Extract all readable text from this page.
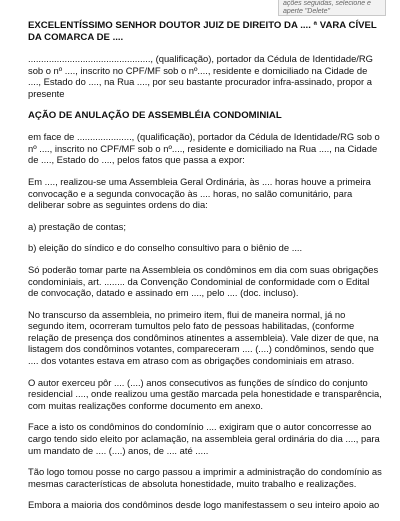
ações seguidas, selecione e
aperte "Delete"
EXCELENTÍSSIMO SENHOR DOUTOR JUIZ DE DIREITO DA .... ª VARA CÍVEL DA COMARCA DE ....

..............................................., (qualificação), portador da Cédula de Identidade/RG sob o nº ...., inscrito no CPF/MF sob o nº...., residente e domiciliado na Cidade de ...., Estado do ...., na Rua ...., por seu bastante procurador infra-assinado, propor a presente

AÇÃO DE ANULAÇÃO DE ASSEMBLÉIA CONDOMINIAL

em face de ....................., (qualificação), portador da Cédula de Identidade/RG sob o nº ...., inscrito no CPF/MF sob o nº...., residente e domiciliado na Rua ...., na Cidade de ...., Estado do ...., pelos fatos que passa a expor:

Em ...., realizou-se uma Assembleia Geral Ordinária, às .... horas houve a primeira convocação e a segunda convocação às .... horas, no salão comunitário, para deliberar sobre as seguintes ordens do dia:

a) prestação de contas;

b) eleição do síndico e do conselho consultivo para o biênio de ....

Só poderão tomar parte na Assembleia os condôminos em dia com suas obrigações condominiais, art. ........ da Convenção Condominial de conformidade com o Edital de convocação, datado e assinado em ...., pelo .... (doc. incluso).

No transcurso da assembleia, no primeiro item, flui de maneira normal, já no segundo item, ocorreram tumultos pelo fato de pessoas habilitadas, (conforme relação de presença dos condôminos atinentes a assembleia). Vale dizer de que, na listagem dos condôminos votantes, compareceram .... (....) condôminos, sendo que .... dos votantes estava em atraso com as obrigações condominiais em atraso.

O autor exerceu pôr .... (....) anos consecutivos as funções de síndico do conjunto residencial ...., onde realizou uma gestão marcada pela honestidade e transparência, com muitas realizações conforme documento em anexo.

Face a isto os condôminos do condomínio .... exigiram que o autor concorresse ao cargo tendo sido eleito por aclamação, na assembleia geral ordinária do dia ...., para um mandato de .... (....) anos, de .... até .....

Tão logo tomou posse no cargo passou a imprimir a administração do condomínio as mesmas características de absoluta honestidade, muito trabalho e realizações.

Embora a maioria dos condôminos desde logo manifestassem o seu inteiro apoio ao
